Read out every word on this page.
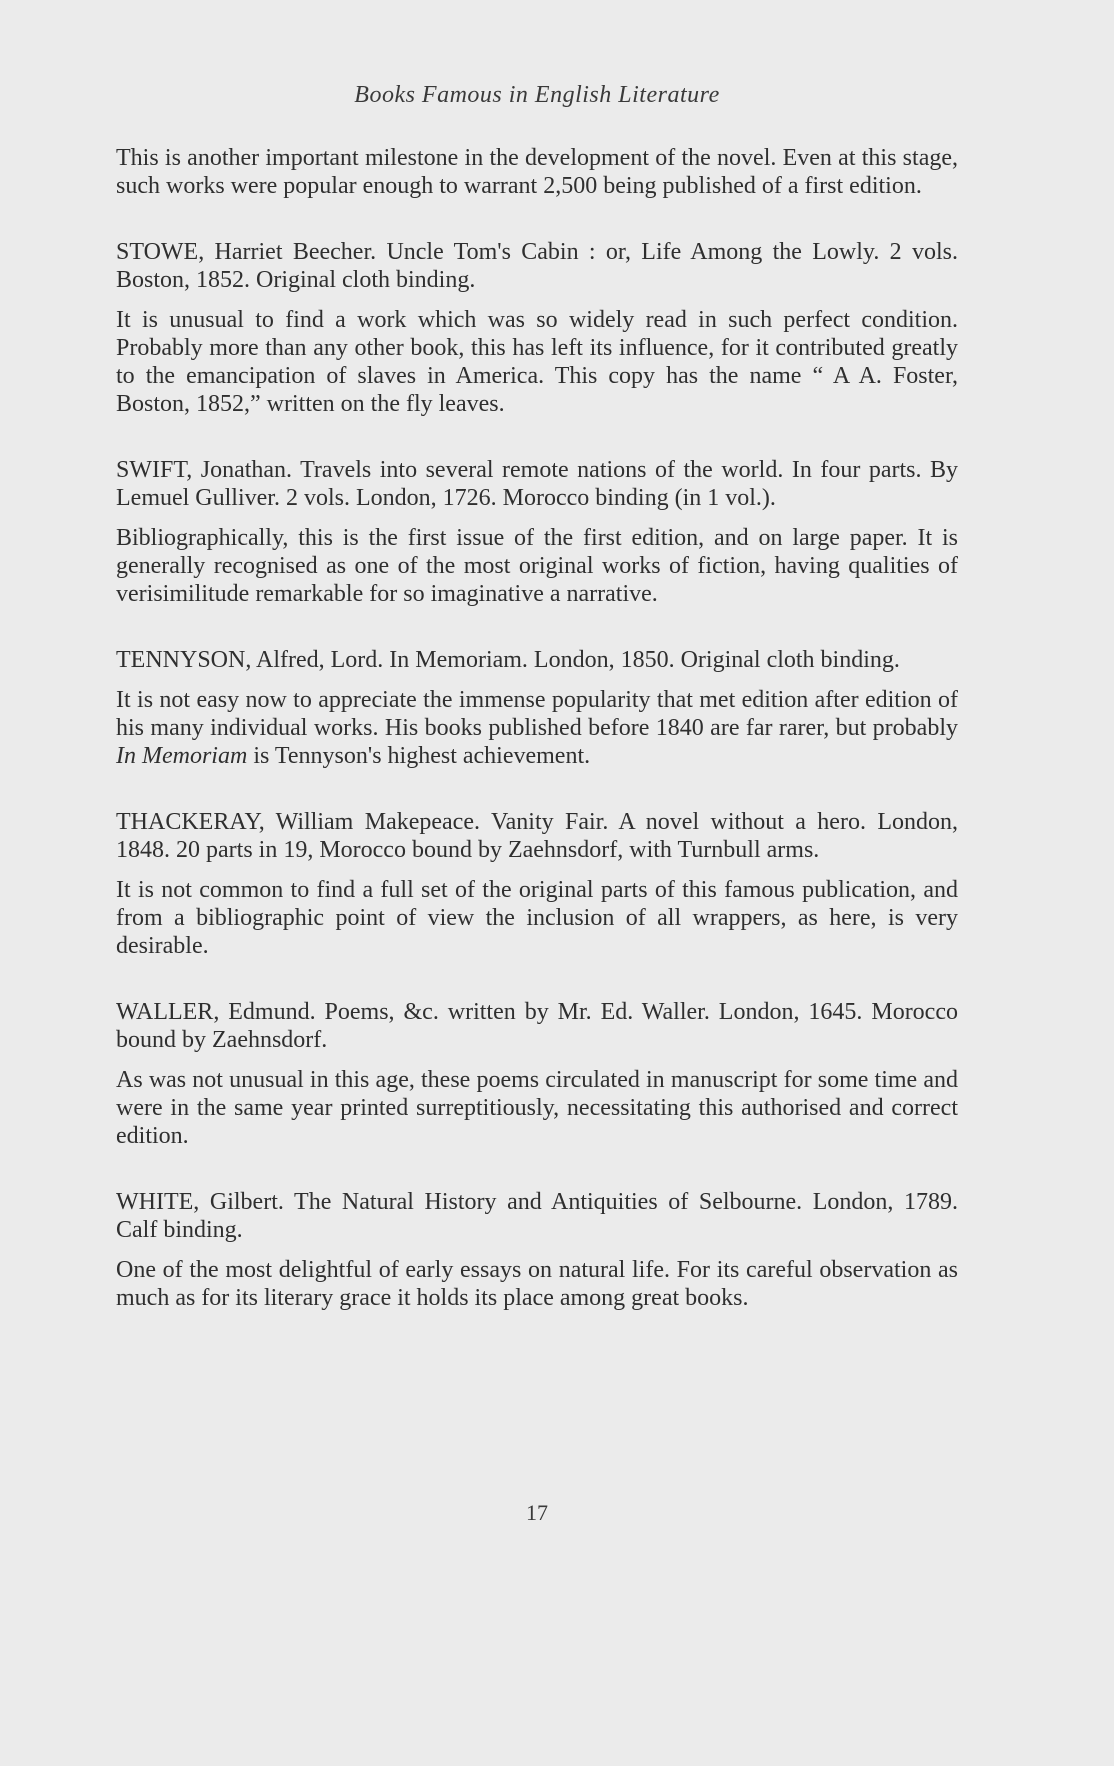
Books Famous in English Literature

This is another important milestone in the development of the novel. Even at this stage, such works were popular enough to warrant 2,500 being published of a first edition.

STOWE, Harriet Beecher. Uncle Tom's Cabin : or, Life Among the Lowly. 2 vols. Boston, 1852. Original cloth binding.

It is unusual to find a work which was so widely read in such perfect condition. Probably more than any other book, this has left its influence, for it contributed greatly to the emancipation of slaves in America. This copy has the name “ A A. Foster, Boston, 1852,” written on the fly leaves.

SWIFT, Jonathan. Travels into several remote nations of the world. In four parts. By Lemuel Gulliver. 2 vols. London, 1726. Morocco binding (in 1 vol.).

Bibliographically, this is the first issue of the first edition, and on large paper. It is generally recognised as one of the most original works of fiction, having qualities of verisimilitude remarkable for so imaginative a narrative.

TENNYSON, Alfred, Lord. In Memoriam. London, 1850. Original cloth binding.

It is not easy now to appreciate the immense popularity that met edition after edition of his many individual works. His books published before 1840 are far rarer, but probably In Memoriam is Tennyson's highest achievement.

THACKERAY, William Makepeace. Vanity Fair. A novel without a hero. London, 1848. 20 parts in 19, Morocco bound by Zaehnsdorf, with Turnbull arms.

It is not common to find a full set of the original parts of this famous publication, and from a bibliographic point of view the inclusion of all wrappers, as here, is very desirable.

WALLER, Edmund. Poems, &c. written by Mr. Ed. Waller. London, 1645. Morocco bound by Zaehnsdorf.

As was not unusual in this age, these poems circulated in manuscript for some time and were in the same year printed surreptitiously, necessitating this authorised and correct edition.

WHITE, Gilbert. The Natural History and Antiquities of Selbourne. London, 1789. Calf binding.

One of the most delightful of early essays on natural life. For its careful observation as much as for its literary grace it holds its place among great books.

17
